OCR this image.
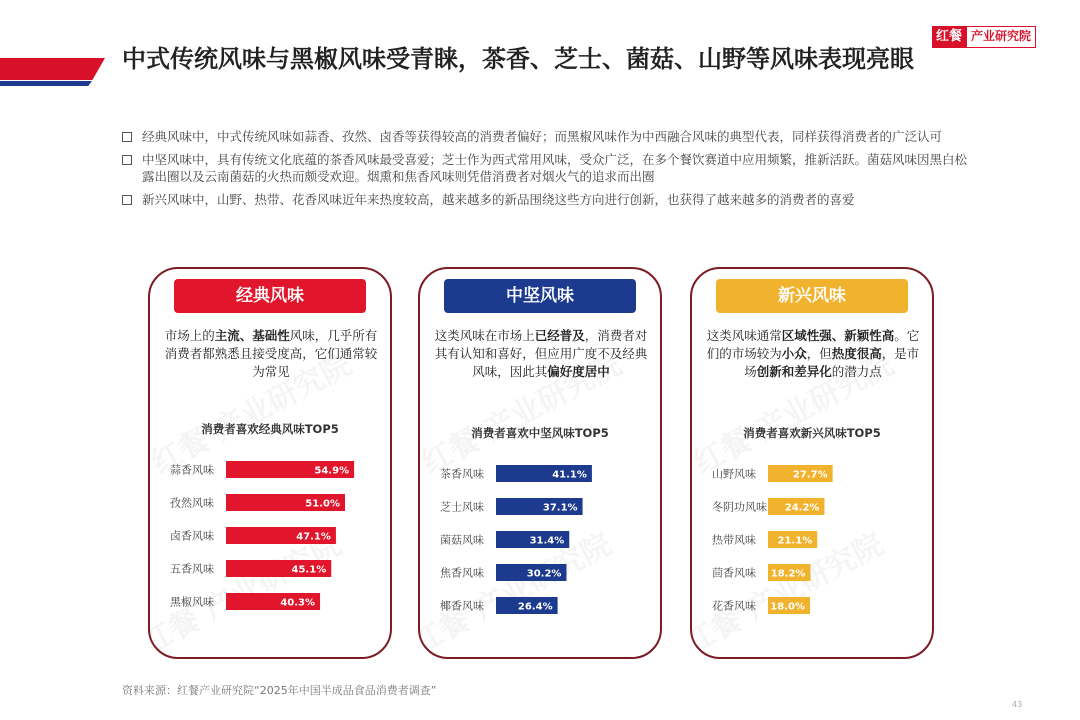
中式传统风味与黑椒风味受青睐，茶香、芝士、菌菇、山野等风味表现亮眼
红餐 产业研究院
经典风味中，中式传统风味如蒜香、孜然、卤香等获得较高的消费者偏好；而黑椒风味作为中西融合风味的典型代表，同样获得消费者的广泛认可
中坚风味中，具有传统文化底蕴的茶香风味最受喜爱；芝士作为西式常用风味，受众广泛，在多个餐饮赛道中应用频繁，推新活跃。菌菇风味因黑白松露出圈以及云南菌菇的火热而颇受欢迎。烟熏和焦香风味则凭借消费者对烟火气的追求而出圈
新兴风味中，山野、热带、花香风味近年来热度较高，越来越多的新品围绕这些方向进行创新，也获得了越来越多的消费者的喜爱
经典风味
市场上的主流、基础性风味，几乎所有消费者都熟悉且接受度高，它们通常较为常见
消费者喜欢经典风味TOP5
蒜香风味	54.9%
孜然风味	51.0%
卤香风味	47.1%
五香风味	45.1%
黑椒风味	40.3%
中坚风味
这类风味在市场上已经普及，消费者对其有认知和喜好，但应用广度不及经典风味，因此其偏好度居中
消费者喜欢中坚风味TOP5
茶香风味	41.1%
芝士风味	37.1%
菌菇风味	31.4%
焦香风味	30.2%
椰香风味	26.4%
新兴风味
这类风味通常区域性强、新颖性高。它们的市场较为小众，但热度很高，是市场创新和差异化的潜力点
消费者喜欢新兴风味TOP5
山野风味	27.7%
冬阴功风味 24.2%
热带风味 21.1%
茴香风味 18.2%
花香风味 18.0%
资料来源：红餐产业研究院“2025年中国半成品食品消费者调查”
43
